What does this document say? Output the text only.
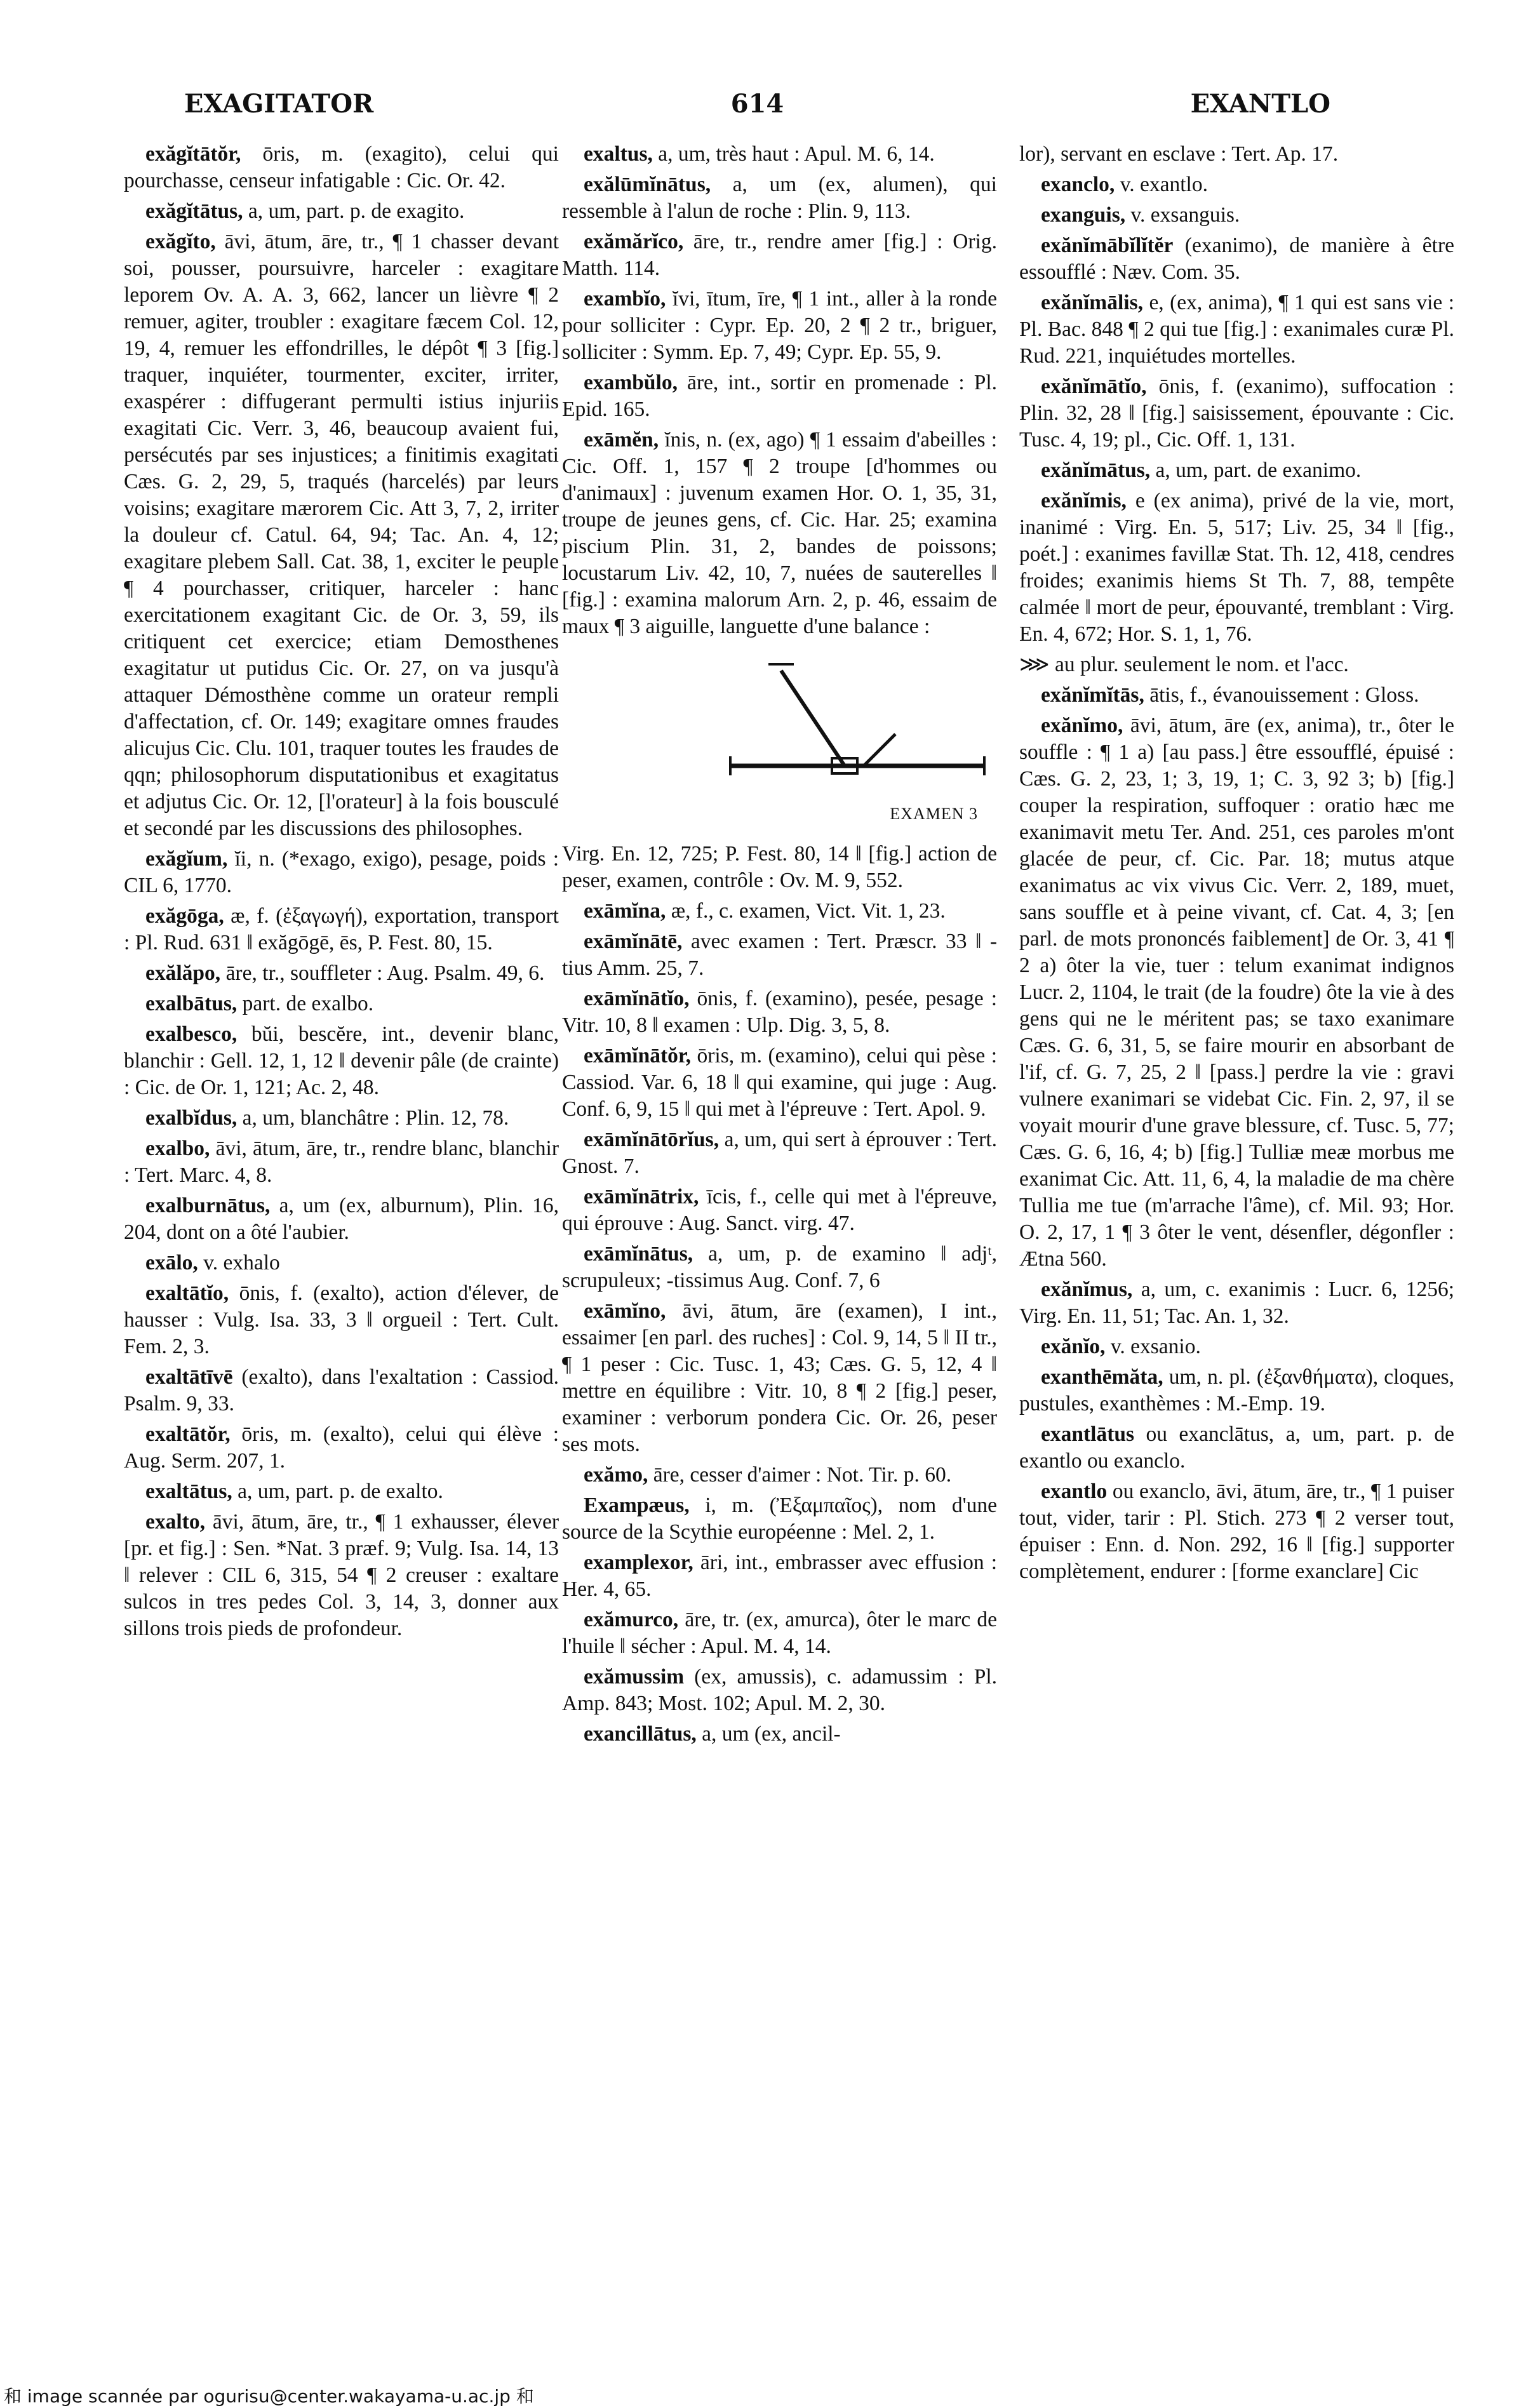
EXAGITATOR	614	EXANTLO

exăgĭtātŏr, ōris, m. (exagito), celui qui pourchasse, censeur infatigable : Cic. Or. 42.

exăgĭtātus, a, um, part. p. de exagito.

exăgĭto, āvi, ātum, āre, tr., ¶ 1 chasser devant soi, pousser, poursuivre, harceler : exagitare leporem Ov. A. A. 3, 662, lancer un lièvre ¶ 2 remuer, agiter, troubler : exagitare fæcem Col. 12, 19, 4, remuer les effondrilles, le dépôt ¶ 3 [fig.] traquer, inquiéter, tourmenter, exciter, irriter, exaspérer : diffugerant permulti istius injuriis exagitati Cic. Verr. 3, 46, beaucoup avaient fui, persécutés par ses injustices; a finitimis exagitati Cæs. G. 2, 29, 5, traqués (harcelés) par leurs voisins; exagitare mærorem Cic. Att 3, 7, 2, irriter la douleur cf. Catul. 64, 94; Tac. An. 4, 12; exagitare plebem Sall. Cat. 38, 1, exciter le peuple ¶ 4 pourchasser, critiquer, harceler : hanc exercitationem exagitant Cic. de Or. 3, 59, ils critiquent cet exercice; etiam Demosthenes exagitatur ut putidus Cic. Or. 27, on va jusqu'à attaquer Démosthène comme un orateur rempli d'affectation, cf. Or. 149; exagitare omnes fraudes alicujus Cic. Clu. 101, traquer toutes les fraudes de qqn; philosophorum disputationibus et exagitatus et adjutus Cic. Or. 12, [l'orateur] à la fois bousculé et secondé par les discussions des philosophes.

exăgĭum, ĭi, n. (*exago, exigo), pesage, poids : CIL 6, 1770.

exăgōga, æ, f. (ἐξαγωγή), exportation, transport : Pl. Rud. 631 ‖ exăgōgē, ēs, P. Fest. 80, 15.

exălăpo, āre, tr., souffleter : Aug. Psalm. 49, 6.

exalbātus, part. de exalbo.

exalbesco, bŭi, bescĕre, int., devenir blanc, blanchir : Gell. 12, 1, 12 ‖ devenir pâle (de crainte) : Cic. de Or. 1, 121; Ac. 2, 48.

exalbĭdus, a, um, blanchâtre : Plin. 12, 78.

exalbo, āvi, ātum, āre, tr., rendre blanc, blanchir : Tert. Marc. 4, 8.

exalburnātus, a, um (ex, alburnum), Plin. 16, 204, dont on a ôté l'aubier.

exālo, v. exhalo

exaltātĭo, ōnis, f. (exalto), action d'élever, de hausser : Vulg. Isa. 33, 3 ‖ orgueil : Tert. Cult. Fem. 2, 3.

exaltātīvē (exalto), dans l'exaltation : Cassiod. Psalm. 9, 33.

exaltātŏr, ōris, m. (exalto), celui qui élève : Aug. Serm. 207, 1.

exaltātus, a, um, part. p. de exalto.

exalto, āvi, ātum, āre, tr., ¶ 1 exhausser, élever [pr. et fig.] : Sen. *Nat. 3 præf. 9; Vulg. Isa. 14, 13 ‖ relever : CIL 6, 315, 54 ¶ 2 creuser : exaltare sulcos in tres pedes Col. 3, 14, 3, donner aux sillons trois pieds de profondeur.

exaltus, a, um, très haut : Apul. M. 6, 14.

exălūmĭnātus, a, um (ex, alumen), qui ressemble à l'alun de roche : Plin. 9, 113.

exămărĭco, āre, tr., rendre amer [fig.] : Orig. Matth. 114.

exambĭo, ĭvi, ītum, īre, ¶ 1 int., aller à la ronde pour solliciter : Cypr. Ep. 20, 2 ¶ 2 tr., briguer, solliciter : Symm. Ep. 7, 49; Cypr. Ep. 55, 9.

exambŭlo, āre, int., sortir en promenade : Pl. Epid. 165.

exāmĕn, ĭnis, n. (ex, ago) ¶ 1 essaim d'abeilles : Cic. Off. 1, 157 ¶ 2 troupe [d'hommes ou d'animaux] : juvenum examen Hor. O. 1, 35, 31, troupe de jeunes gens, cf. Cic. Har. 25; examina piscium Plin. 31, 2, bandes de poissons; locustarum Liv. 42, 10, 7, nuées de sauterelles ‖ [fig.] : examina malorum Arn. 2, p. 46, essaim de maux ¶ 3 aiguille, languette d'une balance :

EXAMEN 3

Virg. En. 12, 725; P. Fest. 80, 14 ‖ [fig.] action de peser, examen, contrôle : Ov. M. 9, 552.

exāmĭna, æ, f., c. examen, Vict. Vit. 1, 23.

exāmĭnātē, avec examen : Tert. Præscr. 33 ‖ -tius Amm. 25, 7.

exāmĭnātĭo, ōnis, f. (examino), pesée, pesage : Vitr. 10, 8 ‖ examen : Ulp. Dig. 3, 5, 8.

exāmĭnātŏr, ōris, m. (examino), celui qui pèse : Cassiod. Var. 6, 18 ‖ qui examine, qui juge : Aug. Conf. 6, 9, 15 ‖ qui met à l'épreuve : Tert. Apol. 9.

exāmĭnātōrĭus, a, um, qui sert à éprouver : Tert. Gnost. 7.

exāmĭnātrix, īcis, f., celle qui met à l'épreuve, qui éprouve : Aug. Sanct. virg. 47.

exāmĭnātus, a, um, p. de examino ‖ adjᵗ, scrupuleux; -tissimus Aug. Conf. 7, 6

exāmĭno, āvi, ātum, āre (examen), I int., essaimer [en parl. des ruches] : Col. 9, 14, 5 ‖ II tr., ¶ 1 peser : Cic. Tusc. 1, 43; Cæs. G. 5, 12, 4 ‖ mettre en équilibre : Vitr. 10, 8 ¶ 2 [fig.] peser, examiner : verborum pondera Cic. Or. 26, peser ses mots.

exămo, āre, cesser d'aimer : Not. Tir. p. 60.

Exampæus, i, m. (Ἐξαμπαῖος), nom d'une source de la Scythie européenne : Mel. 2, 1.

examplexor, āri, int., embrasser avec effusion : Her. 4, 65.

exămurco, āre, tr. (ex, amurca), ôter le marc de l'huile ‖ sécher : Apul. M. 4, 14.

exămussim (ex, amussis), c. adamussim : Pl. Amp. 843; Most. 102; Apul. M. 2, 30.

exancillātus, a, um (ex, ancil-

lor), servant en esclave : Tert. Ap. 17.

exanclo, v. exantlo.

exanguis, v. exsanguis.

exănĭmābĭlĭtĕr (exanimo), de manière à être essoufflé : Næv. Com. 35.

exănĭmālis, e, (ex, anima), ¶ 1 qui est sans vie : Pl. Bac. 848 ¶ 2 qui tue [fig.] : exanimales curæ Pl. Rud. 221, inquiétudes mortelles.

exănĭmātĭo, ōnis, f. (exanimo), suffocation : Plin. 32, 28 ‖ [fig.] saisissement, épouvante : Cic. Tusc. 4, 19; pl., Cic. Off. 1, 131.

exănĭmātus, a, um, part. de exanimo.

exănĭmis, e (ex anima), privé de la vie, mort, inanimé : Virg. En. 5, 517; Liv. 25, 34 ‖ [fig., poét.] : exanimes favillæ Stat. Th. 12, 418, cendres froides; exanimis hiems St Th. 7, 88, tempête calmée ‖ mort de peur, épouvanté, tremblant : Virg. En. 4, 672; Hor. S. 1, 1, 76.

⋙ au plur. seulement le nom. et l'acc.

exănĭmĭtās, ātis, f., évanouissement : Gloss.

exănĭmo, āvi, ātum, āre (ex, anima), tr., ôter le souffle : ¶ 1 a) [au pass.] être essoufflé, épuisé : Cæs. G. 2, 23, 1; 3, 19, 1; C. 3, 92 3; b) [fig.] couper la respiration, suffoquer : oratio hæc me exanimavit metu Ter. And. 251, ces paroles m'ont glacée de peur, cf. Cic. Par. 18; mutus atque exanimatus ac vix vivus Cic. Verr. 2, 189, muet, sans souffle et à peine vivant, cf. Cat. 4, 3; [en parl. de mots prononcés faiblement] de Or. 3, 41 ¶ 2 a) ôter la vie, tuer : telum exanimat indignos Lucr. 2, 1104, le trait (de la foudre) ôte la vie à des gens qui ne le méritent pas; se taxo exanimare Cæs. G. 6, 31, 5, se faire mourir en absorbant de l'if, cf. G. 7, 25, 2 ‖ [pass.] perdre la vie : gravi vulnere exanimari se videbat Cic. Fin. 2, 97, il se voyait mourir d'une grave blessure, cf. Tusc. 5, 77; Cæs. G. 6, 16, 4; b) [fig.] Tulliæ meæ morbus me exanimat Cic. Att. 11, 6, 4, la maladie de ma chère Tullia me tue (m'arrache l'âme), cf. Mil. 93; Hor. O. 2, 17, 1 ¶ 3 ôter le vent, désenfler, dégonfler : Ætna 560.

exănĭmus, a, um, c. exanimis : Lucr. 6, 1256; Virg. En. 11, 51; Tac. An. 1, 32.

exănĭo, v. exsanio.

exanthēmăta, um, n. pl. (ἐξανθήματα), cloques, pustules, exanthèmes : M.-Emp. 19.

exantlātus ou exanclātus, a, um, part. p. de exantlo ou exanclo.

exantlo ou exanclo, āvi, ātum, āre, tr., ¶ 1 puiser tout, vider, tarir : Pl. Stich. 273 ¶ 2 verser tout, épuiser : Enn. d. Non. 292, 16 ‖ [fig.] supporter complètement, endurer : [forme exanclare] Cic

和 image scannée par ogurisu@center.wakayama-u.ac.jp 和
